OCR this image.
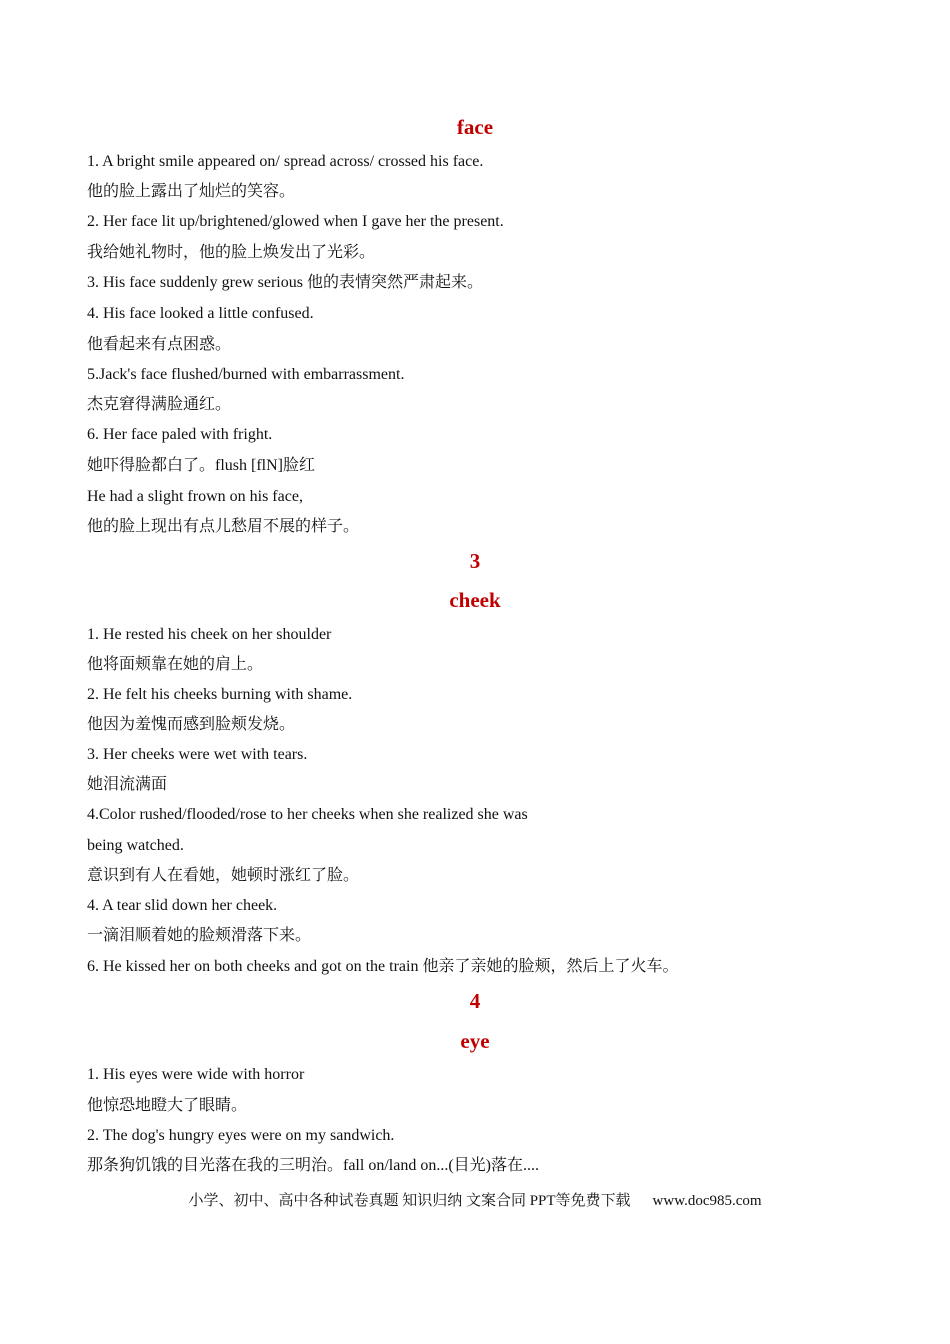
face
1. A bright smile appeared on/ spread across/ crossed his face.
他的脸上露出了灿烂的笑容。
2. Her face lit up/brightened/glowed when I gave her the present.
我给她礼物时，他的脸上焕发出了光彩。
3. His face suddenly grew serious 他的表情突然严肃起来。
4. His face looked a little confused.
他看起来有点困惑。
5.Jack's face flushed/burned with embarrassment.
杰克窘得满脸通红。
6. Her face paled with fright.
她吓得脸都白了。flush [flN]脸红
He had a slight frown on his face,
他的脸上现出有点儿愁眉不展的样子。
3
cheek
1. He rested his cheek on her shoulder
他将面颊靠在她的肩上。
2. He felt his cheeks burning with shame.
他因为羞愧而感到脸颊发烧。
3. Her cheeks were wet with tears.
她泪流满面
4.Color rushed/flooded/rose to her cheeks when she realized she was
being watched.
意识到有人在看她，她顿时涨红了脸。
4. A tear slid down her cheek.
一滴泪顺着她的脸颊滑落下来。
6. He kissed her on both cheeks and got on the train 他亲了亲她的脸颊，然后上了火车。
4
eye
1. His eyes were wide with horror
他惊恐地瞪大了眼睛。
2. The dog's hungry eyes were on my sandwich.
那条狗饥饿的目光落在我的三明治。fall on/land on...(目光)落在....
小学、初中、高中各种试卷真题 知识归纳 文案合同 PPT等免费下载 www.doc985.com
